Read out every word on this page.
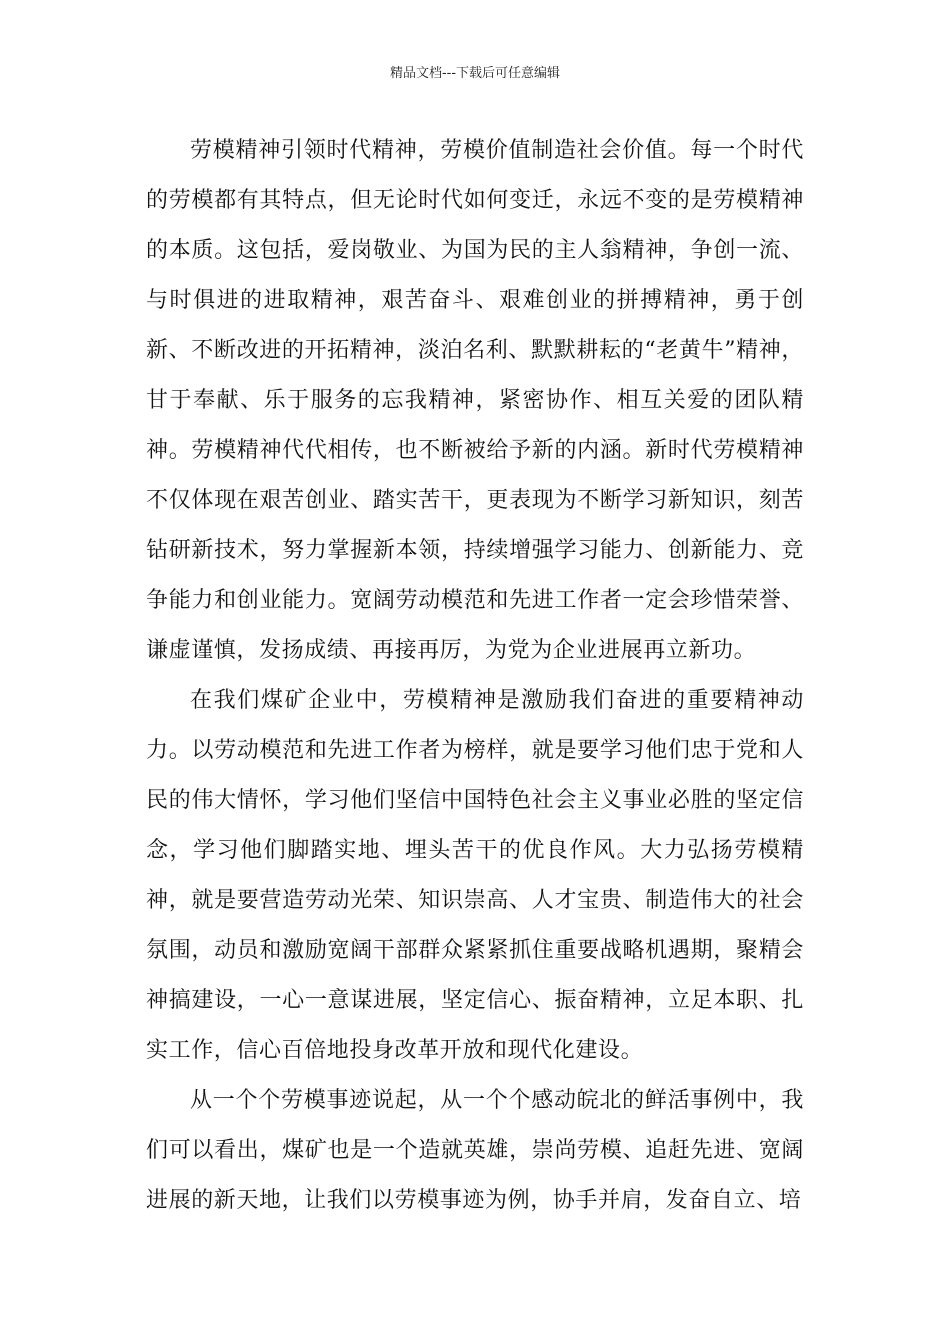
精品文档---下载后可任意编辑

劳模精神引领时代精神，劳模价值制造社会价值。每一个时代的劳模都有其特点，但无论时代如何变迁，永远不变的是劳模精神的本质。这包括，爱岗敬业、为国为民的主人翁精神，争创一流、与时俱进的进取精神，艰苦奋斗、艰难创业的拼搏精神，勇于创新、不断改进的开拓精神，淡泊名利、默默耕耘的“老黄牛”精神，甘于奉献、乐于服务的忘我精神，紧密协作、相互关爱的团队精神。劳模精神代代相传，也不断被给予新的内涵。新时代劳模精神不仅体现在艰苦创业、踏实苦干，更表现为不断学习新知识，刻苦钻研新技术，努力掌握新本领，持续增强学习能力、创新能力、竞争能力和创业能力。宽阔劳动模范和先进工作者一定会珍惜荣誉、谦虚谨慎，发扬成绩、再接再厉，为党为企业进展再立新功。

在我们煤矿企业中，劳模精神是激励我们奋进的重要精神动力。以劳动模范和先进工作者为榜样，就是要学习他们忠于党和人民的伟大情怀，学习他们坚信中国特色社会主义事业必胜的坚定信念，学习他们脚踏实地、埋头苦干的优良作风。大力弘扬劳模精神，就是要营造劳动光荣、知识崇高、人才宝贵、制造伟大的社会氛围，动员和激励宽阔干部群众紧紧抓住重要战略机遇期，聚精会神搞建设，一心一意谋进展，坚定信心、振奋精神，立足本职、扎实工作，信心百倍地投身改革开放和现代化建设。

从一个个劳模事迹说起，从一个个感动皖北的鲜活事例中，我们可以看出，煤矿也是一个造就英雄，崇尚劳模、追赶先进、宽阔进展的新天地，让我们以劳模事迹为例，协手并肩，发奋自立、培
